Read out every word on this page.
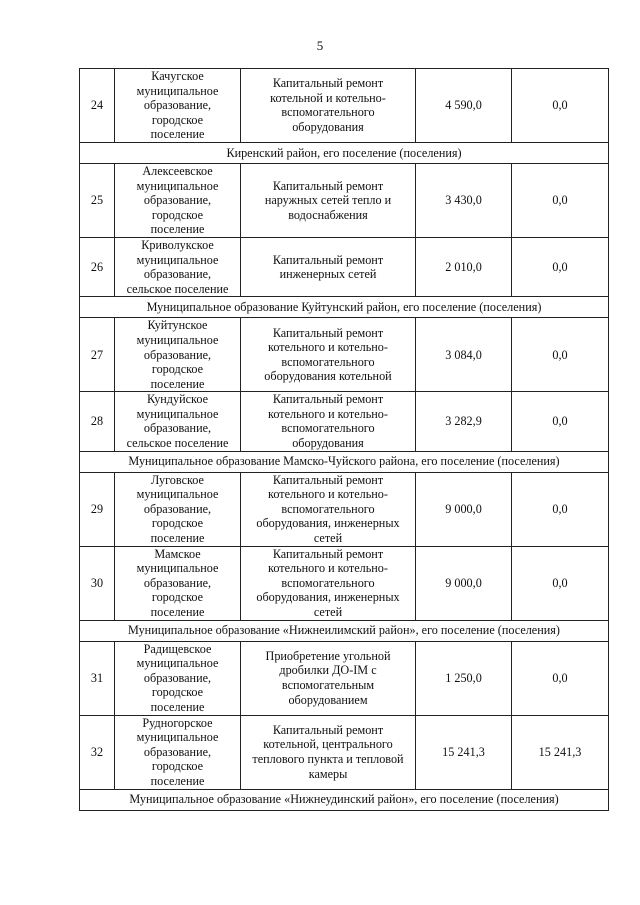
5
24	Качугское
муниципальное
образование,
городское
поселение	Капитальный ремонт
котельной и котельно-
вспомогательного
оборудования	4 590,0	0,0
Киренский район, его поселение (поселения)				
25	Алексеевское
муниципальное
образование,
городское
поселение	Капитальный ремонт
наружных сетей тепло и
водоснабжения	3 430,0	0,0
26	Криволукское
муниципальное
образование,
сельское поселение	Капитальный ремонт
инженерных сетей	2 010,0	0,0
Муниципальное образование Куйтунский район, его поселение (поселения)				
27	Куйтунское
муниципальное
образование,
городское
поселение	Капитальный ремонт
котельного и котельно-
вспомогательного
оборудования котельной	3 084,0	0,0
28	Кундуйское
муниципальное
образование,
сельское поселение	Капитальный ремонт
котельного и котельно-
вспомогательного
оборудования	3 282,9	0,0
Муниципальное образование Мамско-Чуйского района, его поселение (поселения)				
29	Луговское
муниципальное
образование,
городское
поселение	Капитальный ремонт
котельного и котельно-
вспомогательного
оборудования, инженерных
сетей	9 000,0	0,0
30	Мамское
муниципальное
образование,
городское
поселение	Капитальный ремонт
котельного и котельно-
вспомогательного
оборудования, инженерных
сетей	9 000,0	0,0
Муниципальное образование «Нижнеилимский район», его поселение (поселения)				
31	Радищевское
муниципальное
образование,
городское
поселение	Приобретение угольной
дробилки ДО-IM с
вспомогательным
оборудованием	1 250,0	0,0
32	Рудногорское
муниципальное
образование,
городское
поселение	Капитальный ремонт
котельной, центрального
теплового пункта и тепловой
камеры	15 241,3	15 241,3
Муниципальное образование «Нижнеудинский район», его поселение (поселения)				
